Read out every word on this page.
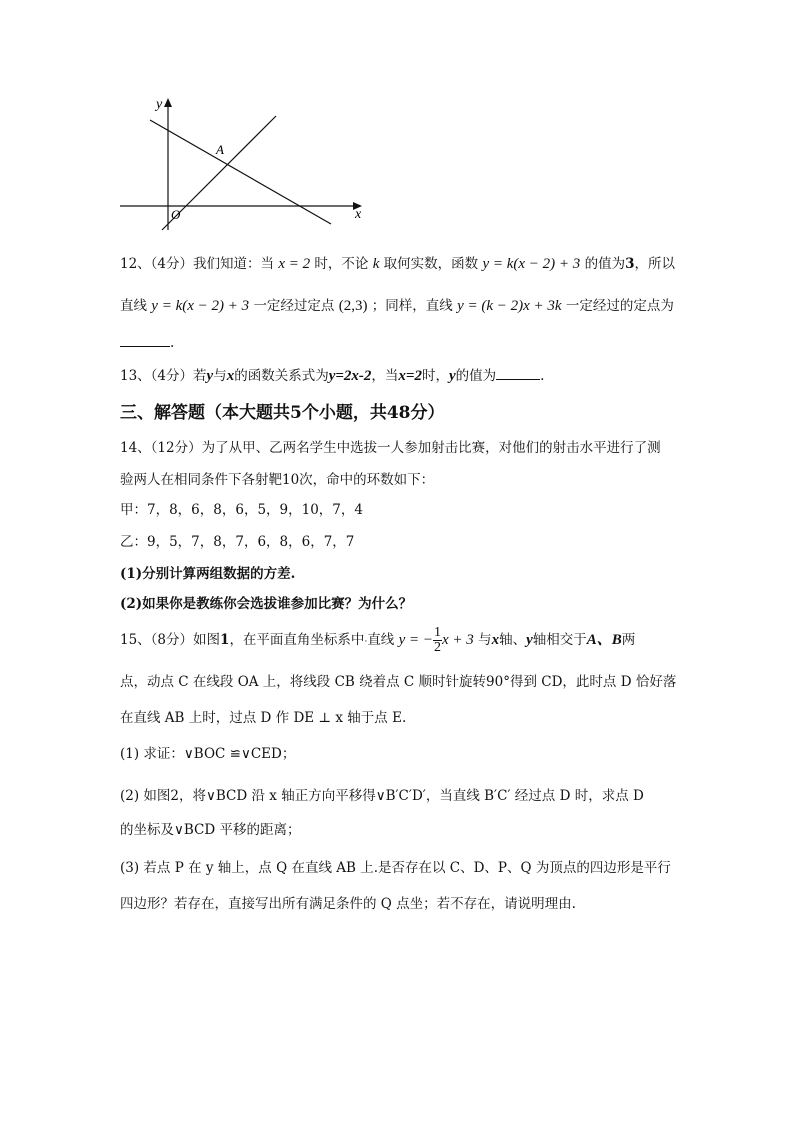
y
x
O
A
12、（4分）我们知道：当 x = 2 时，不论 k 取何实数，函数 y = k(x − 2) + 3 的值为3，所以
直线 y = k(x − 2) + 3 一定经过定点 (2,3) ；同样，直线 y = (k − 2)x + 3k 一定经过的定点为
.
13、（4分）若y与x的函数关系式为y=2x-2，当x=2时，y的值为	.
三、解答题（本大题共5个小题，共48分）
14、（12分）为了从甲、乙两名学生中选拔一人参加射击比赛，对他们的射击水平进行了测
验两人在相同条件下各射靶10次，命中的环数如下：
甲：7，8，6，8，6，5，9，10，7，4
乙：9，5，7，8，7，6，8，6，7，7
(1)分别计算两组数据的方差.
(2)如果你是教练你会选拔谁参加比赛？为什么？
15、（8分）如图1，在平面直角坐标系中·直线 y = − $\frac{1}{2}$ x + 3 与x轴、y轴相交于A、B两
点，动点 C 在线段 OA 上，将线段 CB 绕着点 C 顺时针旋转90°得到 CD，此时点 D 恰好落
在直线 AB 上时，过点 D 作 DE ⊥ x 轴于点 E.
(1) 求证：∨BOC ≌∨CED；
(2) 如图2，将∨BCD 沿 x 轴正方向平移得∨B′C′D′，当直线 B′C′ 经过点 D 时，求点 D
的坐标及∨BCD 平移的距离；
(3) 若点 P 在 y 轴上，点 Q 在直线 AB 上.是否存在以 C、D、P、Q 为顶点的四边形是平行
四边形？若存在，直接写出所有满足条件的 Q 点坐；若不存在，请说明理由.
